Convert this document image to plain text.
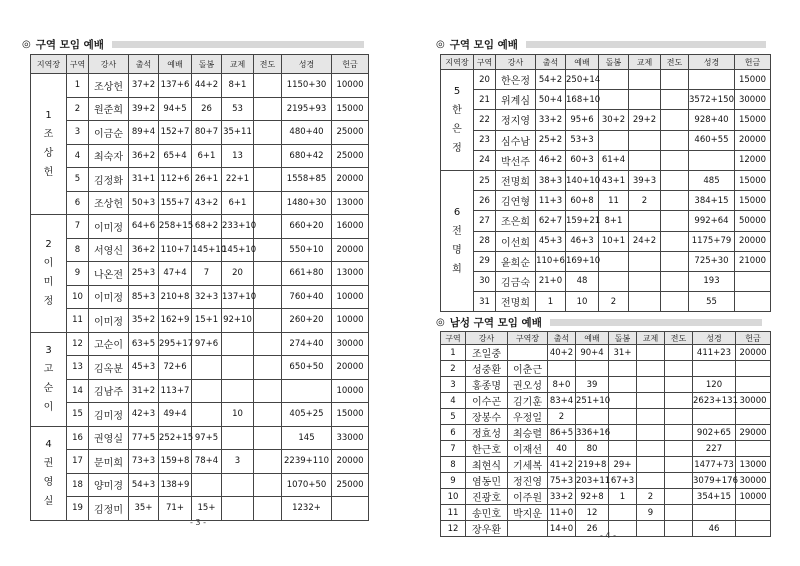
◎ 구역 모임 예배
지역장	구역	강사	출석	예배	돌봄	교제	전도	성경	헌금

1
조
상
헌	1	조상헌	37+2	137+6	44+2	8+1		1150+30	10000
	2	원준희	39+2	94+5	26	53		2195+93	15000
	3	이금순	89+4	152+7	80+7	35+11		480+40	25000
	4	최숙자	36+2	65+4	6+1	13		680+42	25000
	5	김정화	31+1	112+6	26+1	22+1		1558+85	20000
	6	조상헌	50+3	155+7	43+2	6+1		1480+30	13000

2
이
미
정	7	이미정	64+6	258+15	68+2	233+10		660+20	16000
	8	서영신	36+2	110+7	145+10	145+10		550+10	20000
	9	나온전	25+3	47+4	7	20		661+80	13000
	10	이미정	85+3	210+8	32+3	137+10		760+40	10000
	11	이미정	35+2	162+9	15+1	92+10		260+20	10000

3
고
순
이	12	고순이	63+5	295+17	97+6			274+40	30000
	13	김옥분	45+3	72+6				650+50	20000
	14	김남주	31+2	113+7					10000
	15	김미정	42+3	49+4		10		405+25	15000

4
권
영
실	16	권영실	77+5	252+15	97+5			145	33000
	17	문미희	73+3	159+8	78+4	3		2239+110	20000
	18	양미경	54+3	138+9				1070+50	25000
	19	김정미	35+	71+	15+			1232+	
- 3 -
◎ 구역 모임 예배
지역장	구역	강사	출석	예배	돌봄	교제	전도	성경	헌금

5
한
은
정	20	한은정	54+2	250+14					15000
	21	위계심	50+4	168+10				3572+150	30000
	22	정지영	33+2	95+6	30+2	29+2		928+40	15000
	23	심수남	25+2	53+3				460+55	20000
	24	박선주	46+2	60+3	61+4				12000

6
전
명
희	25	전명희	38+3	140+10	43+1	39+3		485	15000
	26	김연형	11+3	60+8	11	2		384+15	15000
	27	조은희	62+7	159+21	8+1			992+64	50000
	28	이선희	45+3	46+3	10+1	24+2		1175+79	20000
	29	윤희순	110+6	169+10				725+30	21000
	30	김금숙	21+0	48				193	
	31	전명희	1	10	2			55	
◎ 남성 구역 모임 예배
구역	강사	구역장	출석	예배	돌봄	교제	전도	성경	헌금
1	조일중		40+2	90+4	31+			411+23	20000
2	성중환	이춘근							
3	홍종명	권오성	8+0	39				120	
4	이수곤	김기훈	83+4	251+10				2623+131	30000
5	장봉수	우정일	2						
6	정효성	최승렬	86+5	336+16				902+65	29000
7	한근호	이재선	40	80				227	
8	최현식	기세복	41+2	219+8	29+			1477+73	13000
9	염동민	정진영	75+3	203+11	67+3			3079+176	30000
10	진광호	이주원	33+2	92+8	1	2		354+15	10000
11	송민호	박지운	11+0	12		9			
12	장우환		14+0	26				46	
- 4 -
